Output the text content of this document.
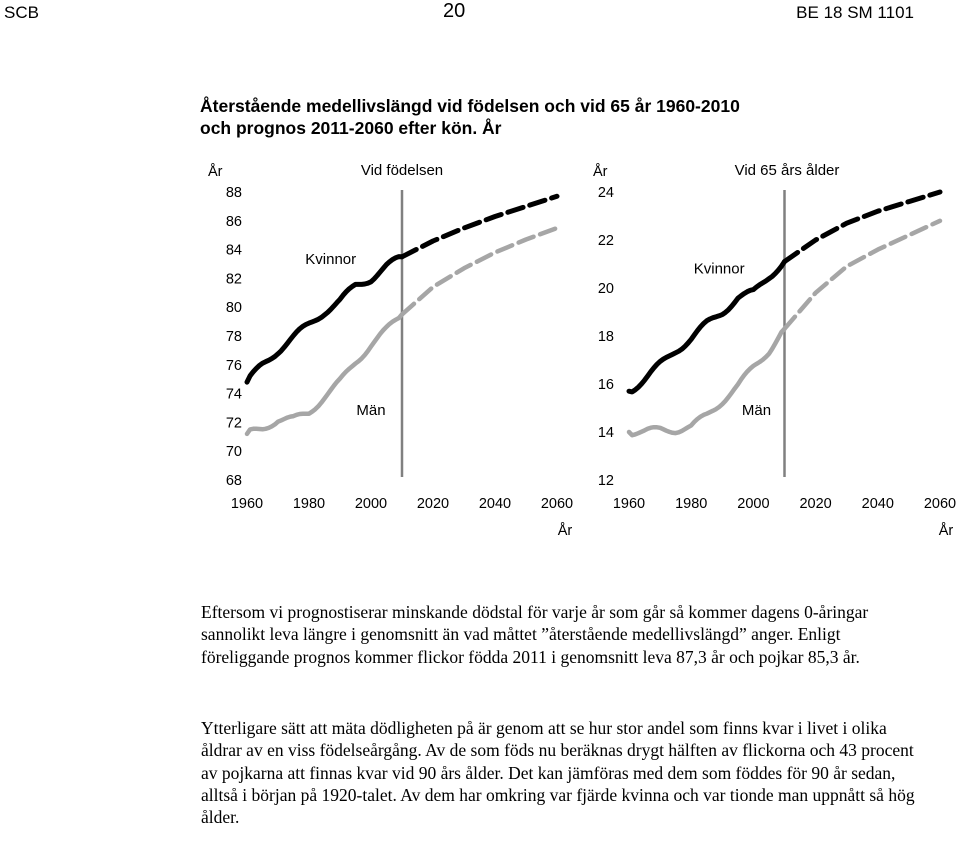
SCB	20	BE 18 SM 1101
Återstående medellivslängd vid födelsen och vid 65 år 1960-2010 och prognos 2011-2060 efter kön. År
Vid födelsen
År
År
68
70
72
74
76
78
80
82
84
86
88
1960 1980 2000 2020 2040 2060
Kvinnor
Män
Vid 65 års ålder
År
År
12
14
16
18
20
22
24
1960 1980 2000 2020 2040 2060
Kvinnor
Män

Eftersom vi prognostiserar minskande dödstal för varje år som går så kommer dagens 0-åringar sannolikt leva längre i genomsnitt än vad måttet ”återstående medellivslängd” anger. Enligt föreliggande prognos kommer flickor födda 2011 i genomsnitt leva 87,3 år och pojkar 85,3 år.

Ytterligare sätt att mäta dödligheten på är genom att se hur stor andel som finns kvar i livet i olika åldrar av en viss födelseårgång. Av de som föds nu beräknas drygt hälften av flickorna och 43 procent av pojkarna att finnas kvar vid 90 års ålder. Det kan jämföras med dem som föddes för 90 år sedan, alltså i början på 1920-talet. Av dem har omkring var fjärde kvinna och var tionde man uppnått så hög ålder.
